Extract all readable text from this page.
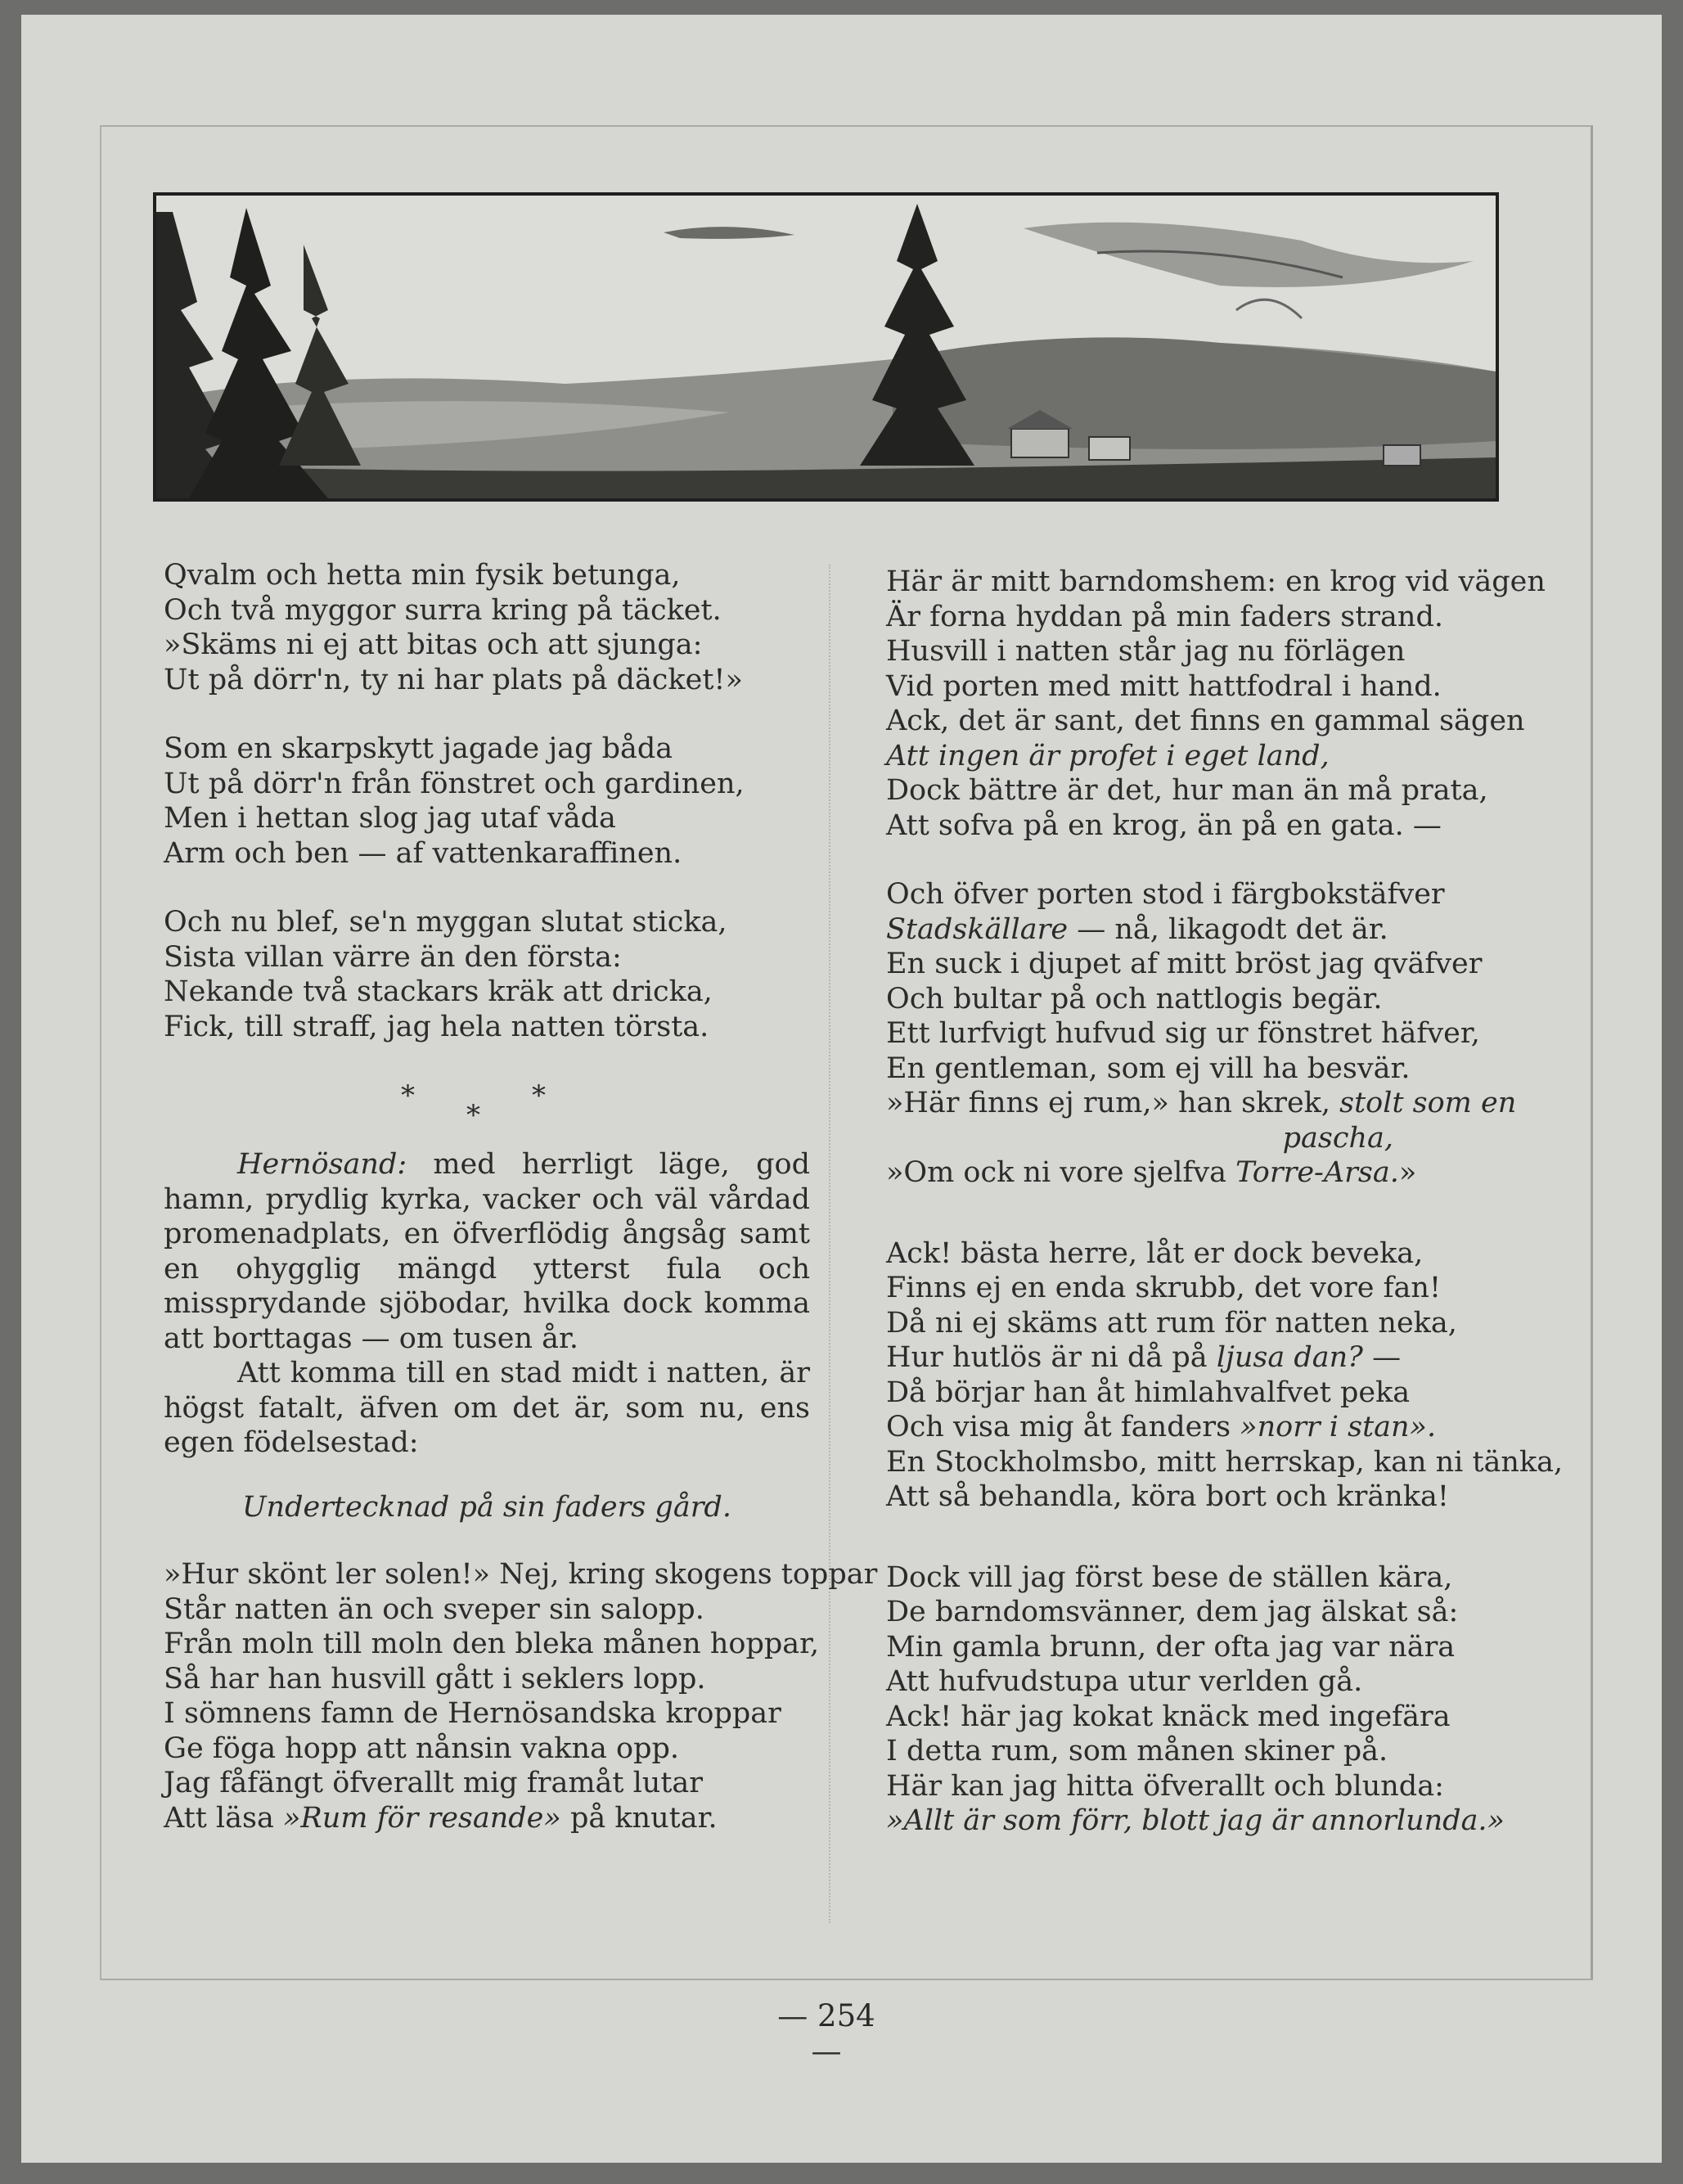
Qvalm och hetta min fysik betunga,
Och två myggor surra kring på täcket.
»Skäms ni ej att bitas och att sjunga:
Ut på dörr'n, ty ni har plats på däcket!»
Som en skarpskytt jagade jag båda
Ut på dörr'n från fönstret och gardinen,
Men i hettan slog jag utaf våda
Arm och ben — af vattenkaraffinen.
Och nu blef, se'n myggan slutat sticka,
Sista villan värre än den första:
Nekande två stackars kräk att dricka,
Fick, till straff, jag hela natten törsta.
*
*
*

Hernösand: med herrligt läge, god hamn, prydlig kyrka, vacker och väl vårdad promenadplats, en öfverflödig ångsåg samt en ohygglig mängd ytterst fula och missprydande sjöbodar, hvilka dock komma att borttagas — om tusen år.

Att komma till en stad midt i natten, är högst fatalt, äfven om det är, som nu, ens egen födelsestad:

Undertecknad på sin faders gård.
»Hur skönt ler solen!» Nej, kring skogens toppar
Står natten än och sveper sin salopp.
Från moln till moln den bleka månen hoppar,
Så har han husvill gått i seklers lopp.
I sömnens famn de Hernösandska kroppar
Ge föga hopp att nånsin vakna opp.
Jag fåfängt öfverallt mig framåt lutar
Att läsa »Rum för resande» på knutar.
Här är mitt barndomshem: en krog vid vägen
Är forna hyddan på min faders strand.
Husvill i natten står jag nu förlägen
Vid porten med mitt hattfodral i hand.
Ack, det är sant, det finns en gammal sägen
Att ingen är profet i eget land,
Dock bättre är det, hur man än må prata,
Att sofva på en krog, än på en gata. —
Och öfver porten stod i färgbokstäfver
Stadskällare — nå, likagodt det är.
En suck i djupet af mitt bröst jag qväfver
Och bultar på och nattlogis begär.
Ett lurfvigt hufvud sig ur fönstret häfver,
En gentleman, som ej vill ha besvär.
»Här finns ej rum,» han skrek, stolt som en
pascha,
»Om ock ni vore sjelfva Torre-Arsa.»
Ack! bästa herre, låt er dock beveka,
Finns ej en enda skrubb, det vore fan!
Då ni ej skäms att rum för natten neka,
Hur hutlös är ni då på ljusa dan? —
Då börjar han åt himlahvalfvet peka
Och visa mig åt fanders »norr i stan».
En Stockholmsbo, mitt herrskap, kan ni tänka,
Att så behandla, köra bort och kränka!
Dock vill jag först bese de ställen kära,
De barndomsvänner, dem jag älskat så:
Min gamla brunn, der ofta jag var nära
Att hufvudstupa utur verlden gå.
Ack! här jag kokat knäck med ingefära
I detta rum, som månen skiner på.
Här kan jag hitta öfverallt och blunda:
»Allt är som förr, blott jag är annorlunda.»
— 254 —
